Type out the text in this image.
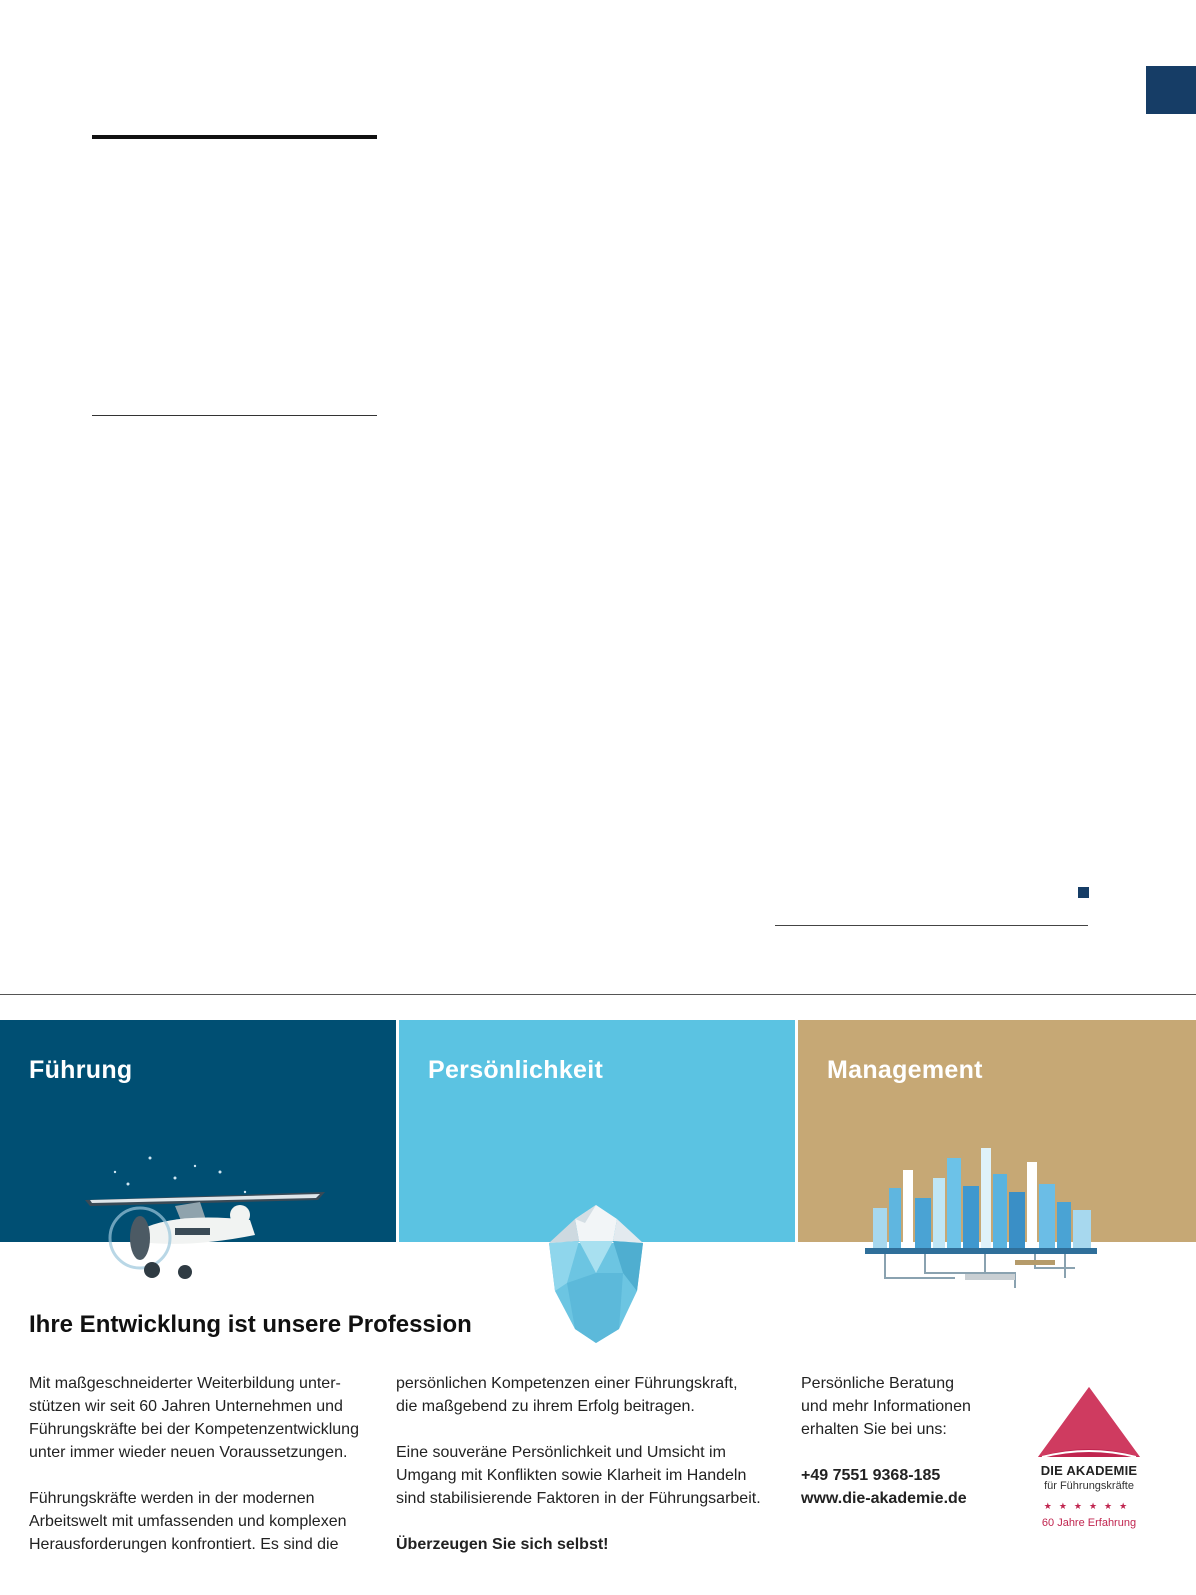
Führung	Persönlichkeit	Management
Ihre Entwicklung ist unsere Profession

Mit maßgeschneiderter Weiterbildung unter-

stützen wir seit 60 Jahren Unternehmen und

Führungskräfte bei der Kompetenzentwicklung

unter immer wieder neuen Voraussetzungen.

Führungskräfte werden in der modernen

Arbeitswelt mit umfassenden und komplexen

Herausforderungen konfrontiert. Es sind die

persönlichen Kompetenzen einer Führungskraft,

die maßgebend zu ihrem Erfolg beitragen.

Eine souveräne Persönlichkeit und Umsicht im

Umgang mit Konflikten sowie Klarheit im Handeln

sind stabilisierende Faktoren in der Führungsarbeit.

Überzeugen Sie sich selbst!

Persönliche Beratung

und mehr Informationen

erhalten Sie bei uns:

+49 7551 9368-185

www.die-akademie.de

DIE AKADEMIE
für Führungskräfte
★★★★★★
60 Jahre Erfahrung
